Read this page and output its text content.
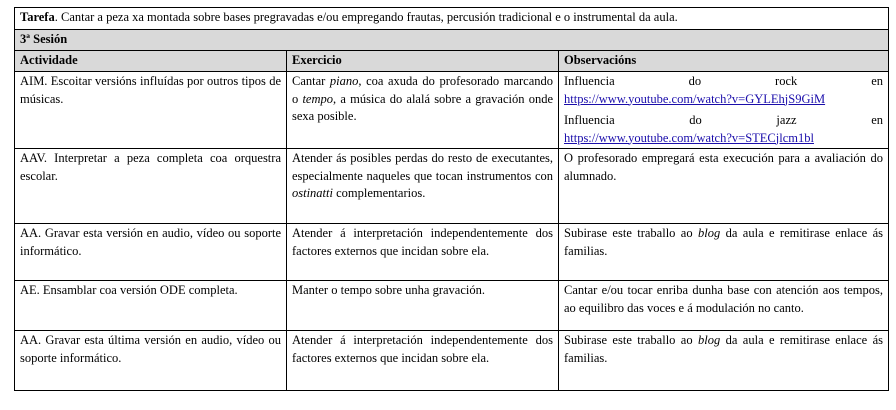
Tarefa. Cantar a peza xa montada sobre bases pregravadas e/ou empregando frautas, percusión tradicional e o instrumental da aula.		
3ª Sesión		
Actividade	Exercicio	Observacións
AIM. Escoitar versións influídas por outros tipos de músicas.	Cantar piano, coa axuda do profesorado marcando o tempo, a música do alalá sobre a gravación onde sexa posible.	Influencia do rock en
https://www.youtube.com/watch?v=GYLEhjS9GiM
Influencia do jazz en
https://www.youtube.com/watch?v=STECjlcm1bl

AAV. Interpretar a peza completa coa orquestra escolar.	Atender ás posibles perdas do resto de executantes, especialmente naqueles que tocan instrumentos con ostinatti complementarios.	O profesorado empregará esta execución para a avaliación do alumnado.
AA. Gravar esta versión en audio, vídeo ou soporte informático.	Atender á interpretación independentemente dos factores externos que incidan sobre ela.	Subirase este traballo ao blog da aula e remitirase enlace ás familias.
AE. Ensamblar coa versión ODE completa.	Manter o tempo sobre unha gravación.	Cantar e/ou tocar enriba dunha base con atención aos tempos, ao equilibro das voces e á modulación no canto.
AA. Gravar esta última versión en audio, vídeo ou soporte informático.	Atender á interpretación independentemente dos factores externos que incidan sobre ela.	Subirase este traballo ao blog da aula e remitirase enlace ás familias.
